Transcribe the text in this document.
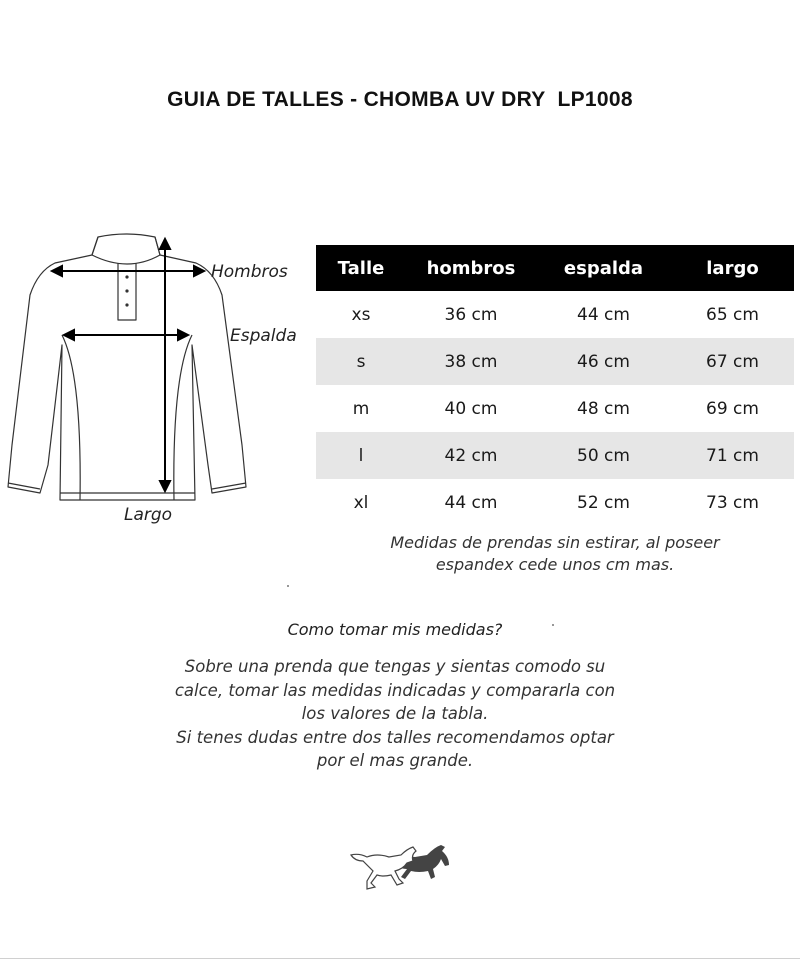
GUIA DE TALLES - CHOMBA UV DRY  LP1008
Hombros
Espalda
Largo
Talle	hombros	espalda	largo
xs	36 cm	44 cm	65 cm
s	38 cm	46 cm	67 cm
m	40 cm	48 cm	69 cm
l	42 cm	50 cm	71 cm
xl	44 cm	52 cm	73 cm
Medidas de prendas sin estirar, al poseer
espandex cede unos cm mas.
Como tomar mis medidas?
Sobre una prenda que tengas y sientas comodo su
calce, tomar las medidas indicadas y compararla con
los valores de la tabla.
Si tenes dudas entre dos talles recomendamos optar
por el mas grande.
